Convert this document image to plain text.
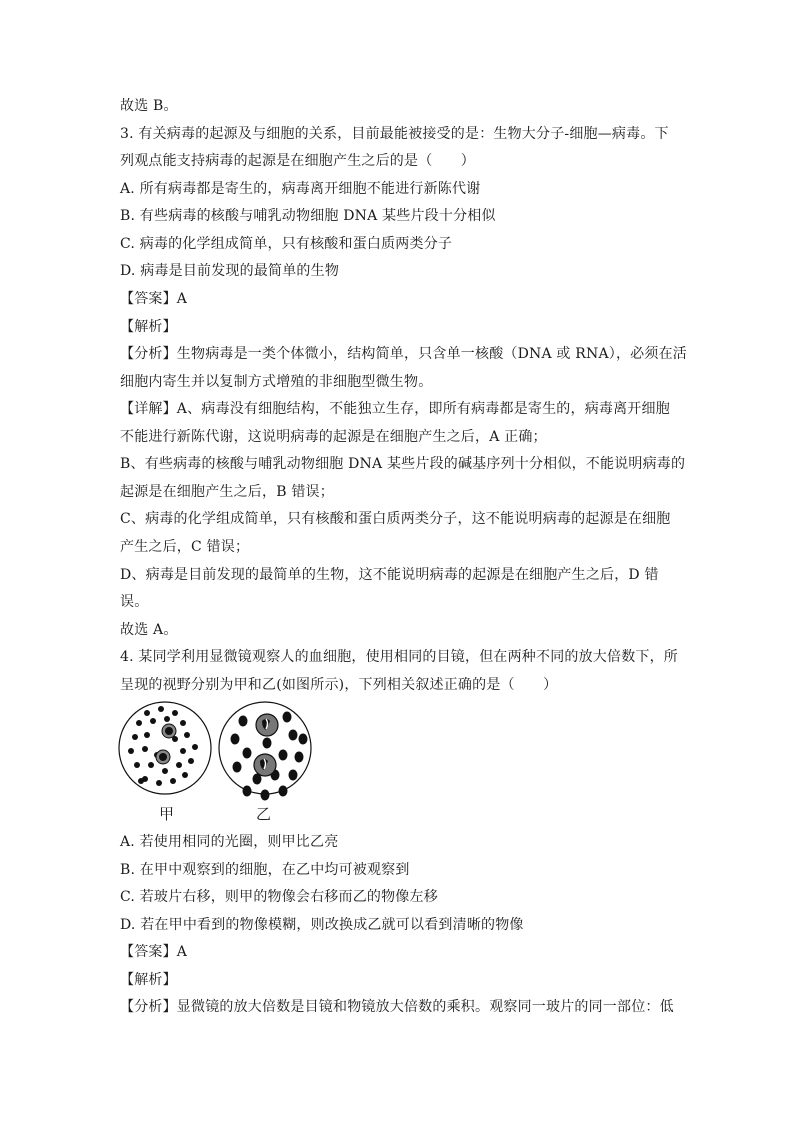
故选 B。
3. 有关病毒的起源及与细胞的关系，目前最能被接受的是：生物大分子-细胞—病毒。下
列观点能支持病毒的起源是在细胞产生之后的是（　　）
A. 所有病毒都是寄生的，病毒离开细胞不能进行新陈代谢
B. 有些病毒的核酸与哺乳动物细胞 DNA 某些片段十分相似
C. 病毒的化学组成简单，只有核酸和蛋白质两类分子
D. 病毒是目前发现的最简单的生物
【答案】A
【解析】
【分析】生物病毒是一类个体微小，结构简单，只含单一核酸（DNA 或 RNA），必须在活
细胞内寄生并以复制方式增殖的非细胞型微生物。
【详解】A、病毒没有细胞结构，不能独立生存，即所有病毒都是寄生的，病毒离开细胞
不能进行新陈代谢，这说明病毒的起源是在细胞产生之后，A 正确；
B、有些病毒的核酸与哺乳动物细胞 DNA 某些片段的碱基序列十分相似，不能说明病毒的
起源是在细胞产生之后，B 错误；
C、病毒的化学组成简单，只有核酸和蛋白质两类分子，这不能说明病毒的起源是在细胞
产生之后，C 错误；
D、病毒是目前发现的最简单的生物，这不能说明病毒的起源是在细胞产生之后，D 错
误。
故选 A。
4. 某同学利用显微镜观察人的血细胞，使用相同的目镜，但在两种不同的放大倍数下，所
呈现的视野分别为甲和乙(如图所示)，下列相关叙述正确的是（　　）
甲	乙
A. 若使用相同的光圈，则甲比乙亮
B. 在甲中观察到的细胞，在乙中均可被观察到
C. 若玻片右移，则甲的物像会右移而乙的物像左移
D. 若在甲中看到的物像模糊，则改换成乙就可以看到清晰的物像
【答案】A
【解析】
【分析】显微镜的放大倍数是目镜和物镜放大倍数的乘积。观察同一玻片的同一部位：低
